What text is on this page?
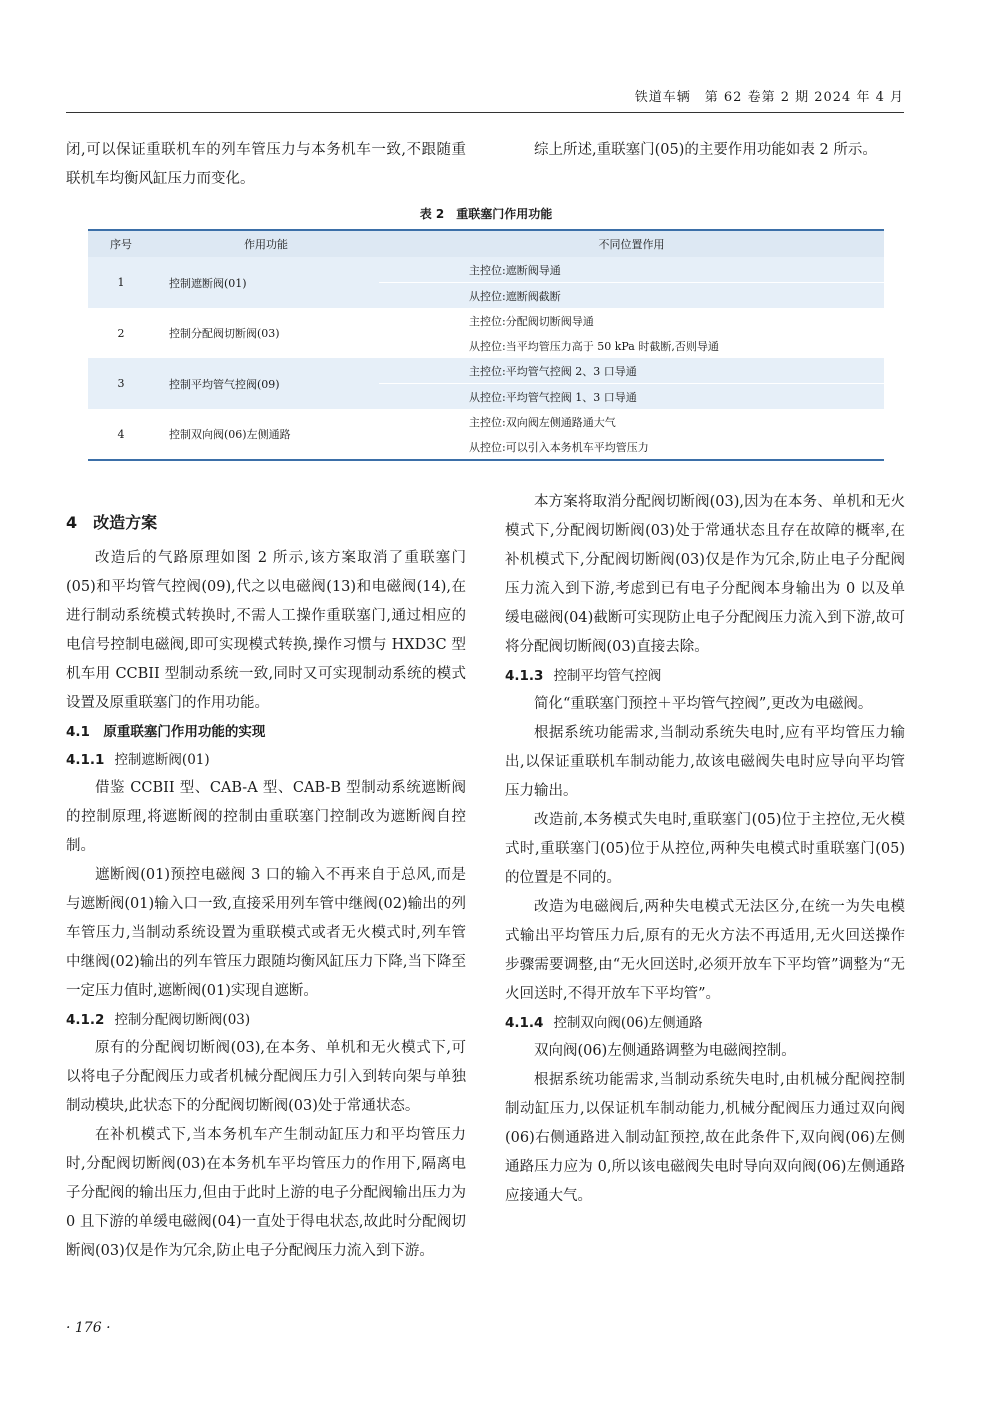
铁道车辆　第 62 卷第 2 期 2024 年 4 月

闭,可以保证重联机车的列车管压力与本务机车一致,不跟随重联机车均衡风缸压力而变化。

综上所述,重联塞门(05)的主要作用功能如表 2 所示。

表 2　重联塞门作用功能
序号	作用功能	不同位置作用
1	控制遮断阀(01)	主控位:遮断阀导通
		从控位:遮断阀截断
2	控制分配阀切断阀(03)	主控位:分配阀切断阀导通
		从控位:当平均管压力高于 50 kPa 时截断,否则导通
3	控制平均管气控阀(09)	主控位:平均管气控阀 2、3 口导通
		从控位:平均管气控阀 1、3 口导通
4	控制双向阀(06)左侧通路	主控位:双向阀左侧通路通大气
		从控位:可以引入本务机车平均管压力

4　改造方案

改造后的气路原理如图 2 所示,该方案取消了重联塞门(05)和平均管气控阀(09),代之以电磁阀(13)和电磁阀(14),在进行制动系统模式转换时,不需人工操作重联塞门,通过相应的电信号控制电磁阀,即可实现模式转换,操作习惯与 HXD3C 型机车用 CCBII 型制动系统一致,同时又可实现制动系统的模式设置及原重联塞门的作用功能。

4.1　原重联塞门作用功能的实现

4.1.1 控制遮断阀(01)

借鉴 CCBII 型、CAB-A 型、CAB-B 型制动系统遮断阀的控制原理,将遮断阀的控制由重联塞门控制改为遮断阀自控制。

遮断阀(01)预控电磁阀 3 口的输入不再来自于总风,而是与遮断阀(01)输入口一致,直接采用列车管中继阀(02)输出的列车管压力,当制动系统设置为重联模式或者无火模式时,列车管中继阀(02)输出的列车管压力跟随均衡风缸压力下降,当下降至一定压力值时,遮断阀(01)实现自遮断。

4.1.2 控制分配阀切断阀(03)

原有的分配阀切断阀(03),在本务、单机和无火模式下,可以将电子分配阀压力或者机械分配阀压力引入到转向架与单独制动模块,此状态下的分配阀切断阀(03)处于常通状态。

在补机模式下,当本务机车产生制动缸压力和平均管压力时,分配阀切断阀(03)在本务机车平均管压力的作用下,隔离电子分配阀的输出压力,但由于此时上游的电子分配阀输出压力为 0 且下游的单缓电磁阀(04)一直处于得电状态,故此时分配阀切断阀(03)仅是作为冗余,防止电子分配阀压力流入到下游。

本方案将取消分配阀切断阀(03),因为在本务、单机和无火模式下,分配阀切断阀(03)处于常通状态且存在故障的概率,在补机模式下,分配阀切断阀(03)仅是作为冗余,防止电子分配阀压力流入到下游,考虑到已有电子分配阀本身输出为 0 以及单缓电磁阀(04)截断可实现防止电子分配阀压力流入到下游,故可将分配阀切断阀(03)直接去除。

4.1.3 控制平均管气控阀

简化“重联塞门预控＋平均管气控阀”,更改为电磁阀。

根据系统功能需求,当制动系统失电时,应有平均管压力输出,以保证重联机车制动能力,故该电磁阀失电时应导向平均管压力输出。

改造前,本务模式失电时,重联塞门(05)位于主控位,无火模式时,重联塞门(05)位于从控位,两种失电模式时重联塞门(05)的位置是不同的。

改造为电磁阀后,两种失电模式无法区分,在统一为失电模式输出平均管压力后,原有的无火方法不再适用,无火回送操作步骤需要调整,由“无火回送时,必须开放车下平均管”调整为“无火回送时,不得开放车下平均管”。

4.1.4 控制双向阀(06)左侧通路

双向阀(06)左侧通路调整为电磁阀控制。

根据系统功能需求,当制动系统失电时,由机械分配阀控制制动缸压力,以保证机车制动能力,机械分配阀压力通过双向阀(06)右侧通路进入制动缸预控,故在此条件下,双向阀(06)左侧通路压力应为 0,所以该电磁阀失电时导向双向阀(06)左侧通路应接通大气。

· 176 ·
